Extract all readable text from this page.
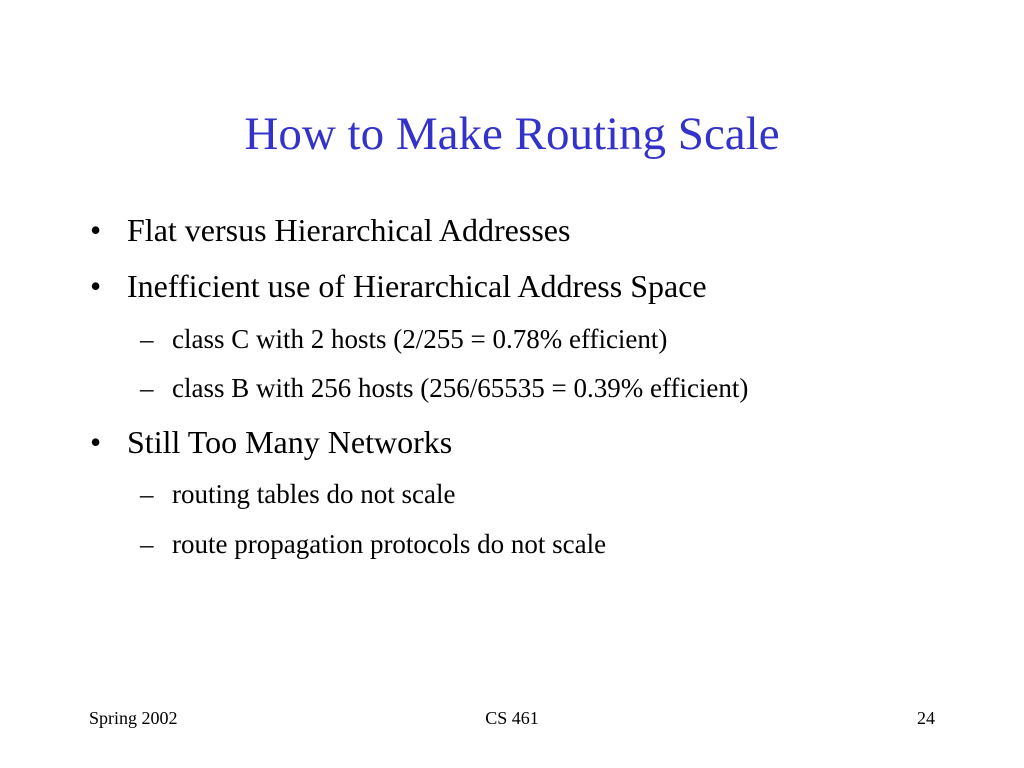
How to Make Routing Scale
• Flat versus Hierarchical Addresses
• Inefficient use of Hierarchical Address Space
– class C with 2 hosts (2/255 = 0.78% efficient)
– class B with 256 hosts (256/65535 = 0.39% efficient)
• Still Too Many Networks
– routing tables do not scale
– route propagation protocols do not scale
Spring 2002	CS 461	24
